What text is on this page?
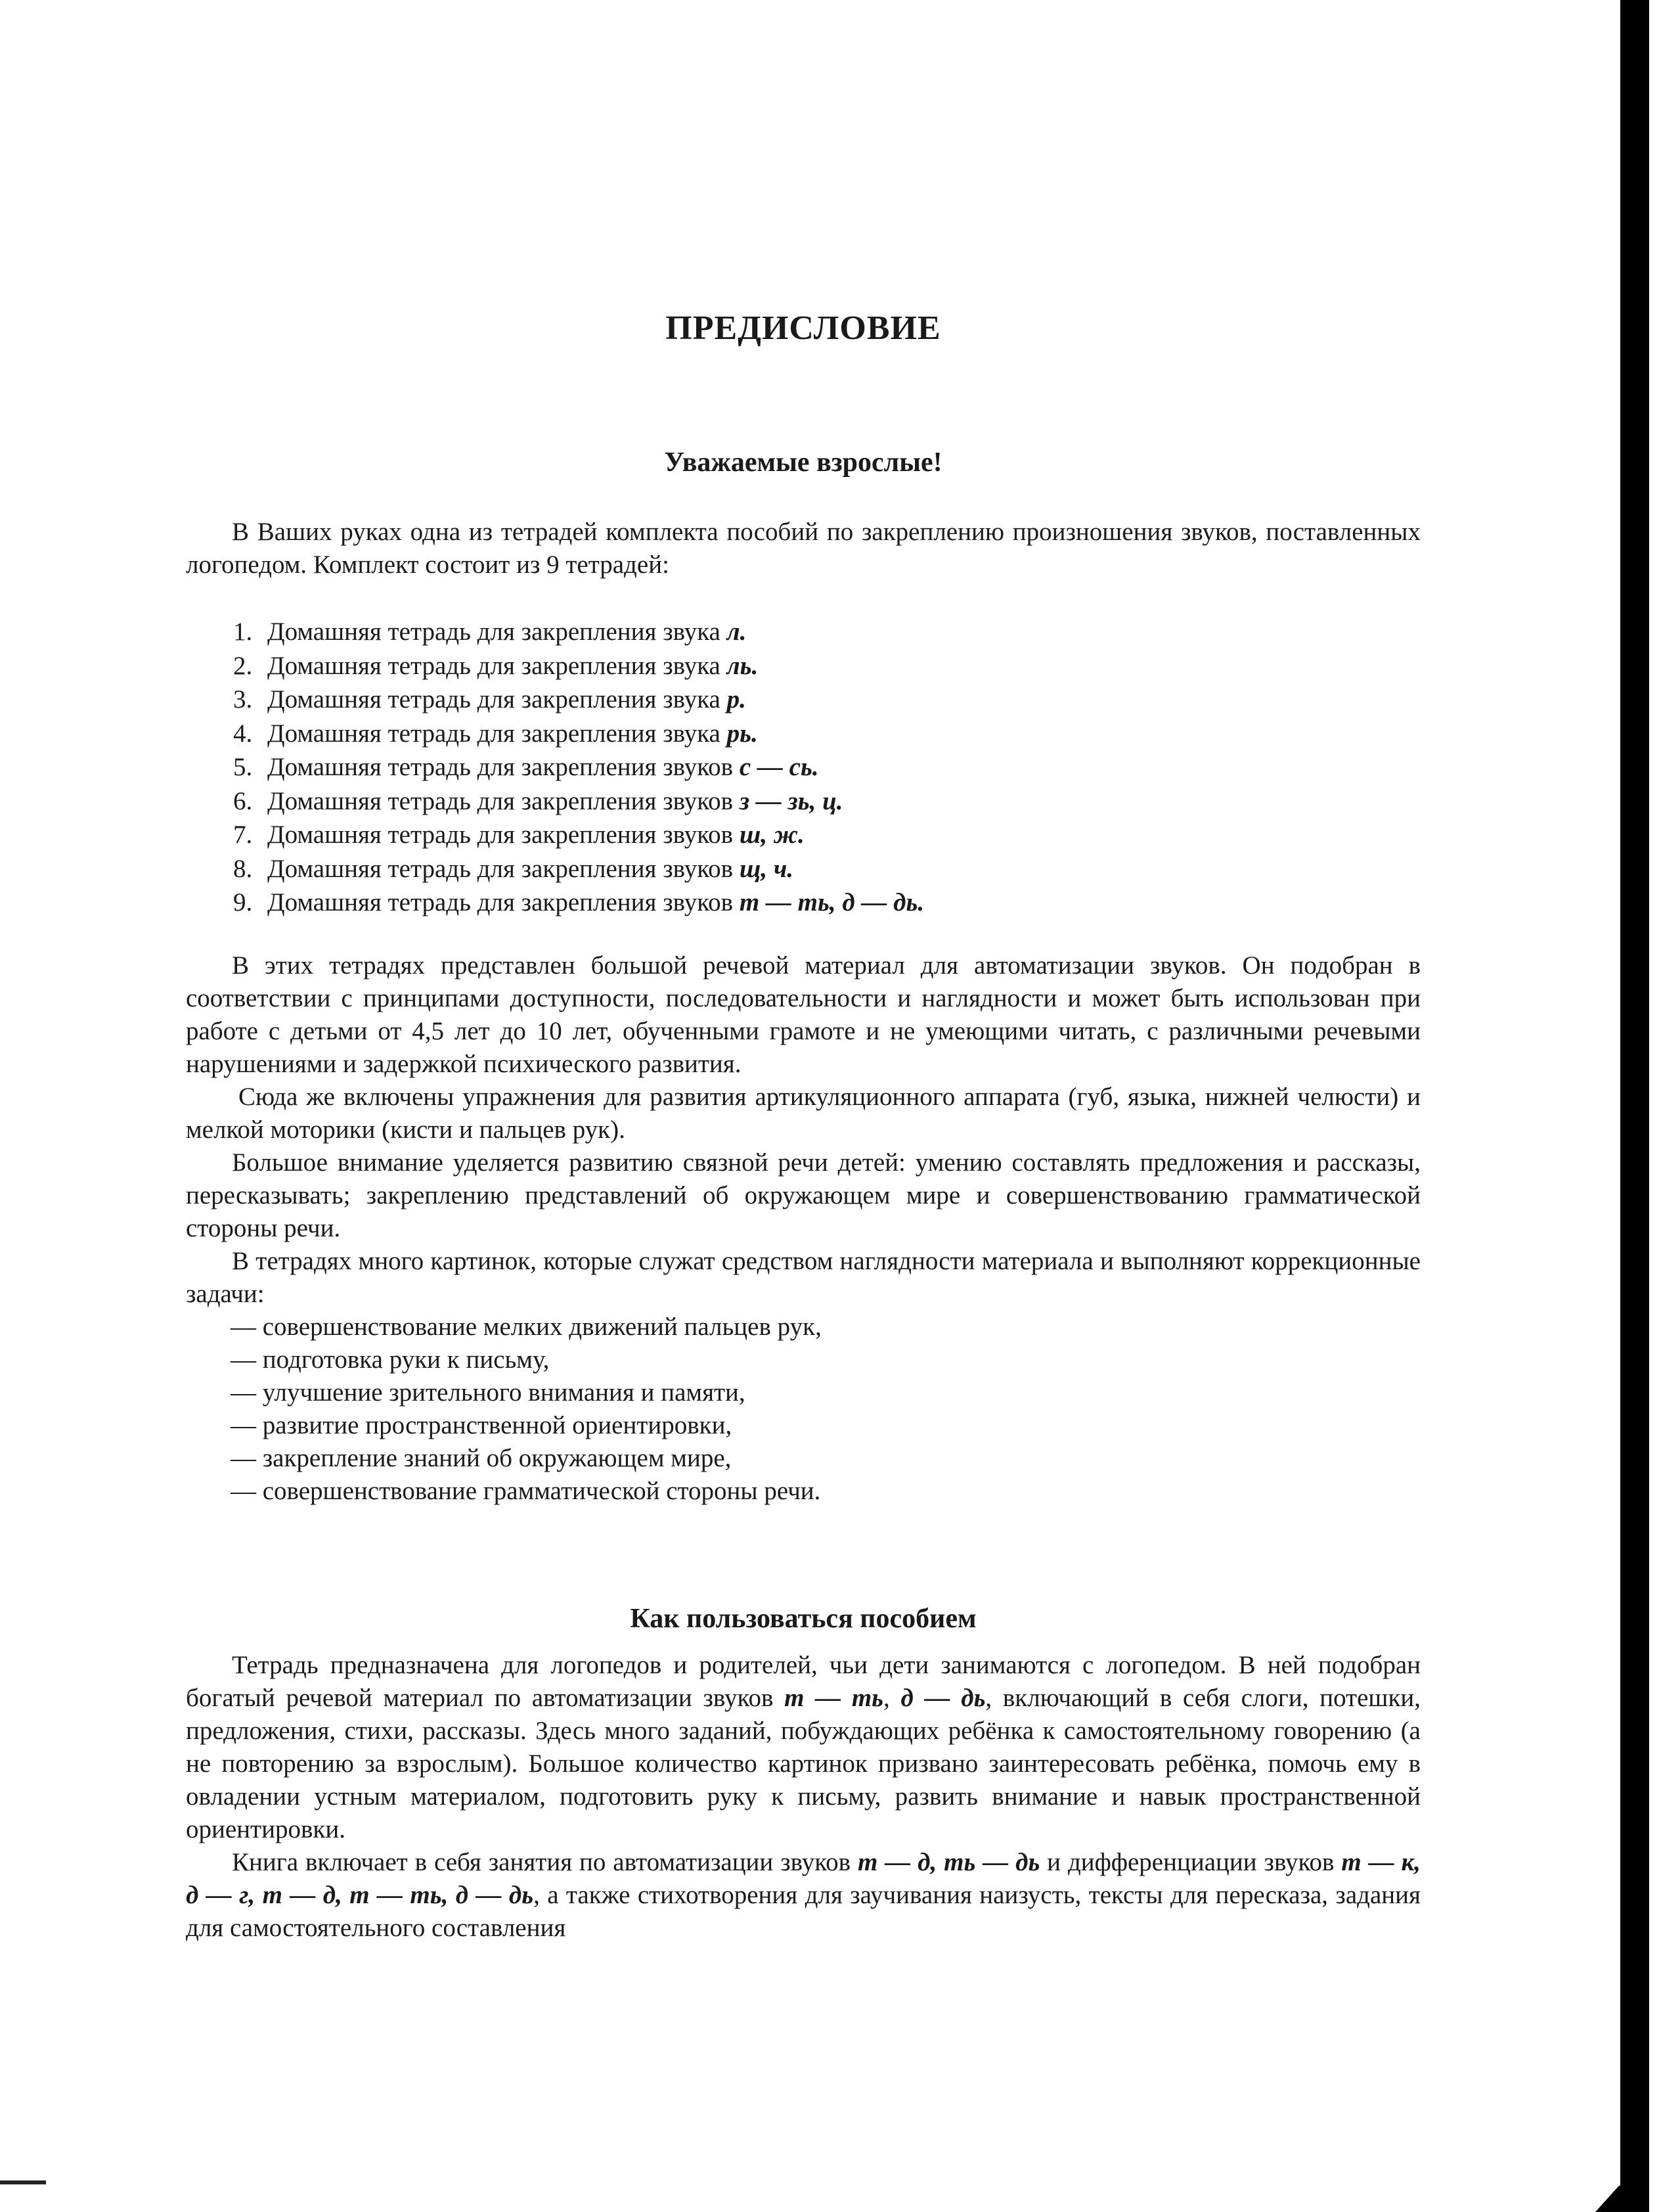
ПРЕДИСЛОВИЕ
Уважаемые взрослые!

В Ваших руках одна из тетрадей комплекта пособий по закреплению произношения звуков, поставленных логопедом. Комплект состоит из 9 тетрадей:

1. Домашняя тетрадь для закрепления звука л.
2. Домашняя тетрадь для закрепления звука ль.
3. Домашняя тетрадь для закрепления звука р.
4. Домашняя тетрадь для закрепления звука рь.
5. Домашняя тетрадь для закрепления звуков с — сь.
6. Домашняя тетрадь для закрепления звуков з — зь, ц.
7. Домашняя тетрадь для закрепления звуков ш, ж.
8. Домашняя тетрадь для закрепления звуков щ, ч.
9. Домашняя тетрадь для закрепления звуков т — ть, д — дь.

В этих тетрадях представлен большой речевой материал для автоматизации звуков. Он подобран в соответствии с принципами доступности, последовательности и наглядности и может быть использован при работе с детьми от 4,5 лет до 10 лет, обученными грамоте и не умеющими читать, с различными речевыми нарушениями и задержкой психического развития.

Сюда же включены упражнения для развития артикуляционного аппарата (губ, языка, нижней челюсти) и мелкой моторики (кисти и пальцев рук).

Большое внимание уделяется развитию связной речи детей: умению составлять предложения и рассказы, пересказывать; закреплению представлений об окружающем мире и совершенствованию грамматической стороны речи.

В тетрадях много картинок, которые служат средством наглядности материала и выполняют коррекционные задачи:

— совершенствование мелких движений пальцев рук,
— подготовка руки к письму,
— улучшение зрительного внимания и памяти,
— развитие пространственной ориентировки,
— закрепление знаний об окружающем мире,
— совершенствование грамматической стороны речи.
Как пользоваться пособием

Тетрадь предназначена для логопедов и родителей, чьи дети занимаются с логопедом. В ней подобран богатый речевой материал по автоматизации звуков т — ть, д — дь, включающий в себя слоги, потешки, предложения, стихи, рассказы. Здесь много заданий, побуждающих ребёнка к самостоятельному говорению (а не повторению за взрослым). Большое количество картинок призвано заинтересовать ребёнка, помочь ему в овладении устным материалом, подготовить руку к письму, развить внимание и навык пространственной ориентировки.

Книга включает в себя занятия по автоматизации звуков т — д, ть — дь и дифференциации звуков т — к, д — г, т — д, т — ть, д — дь, а также стихотворения для заучивания наизусть, тексты для пересказа, задания для самостоятельного составления
